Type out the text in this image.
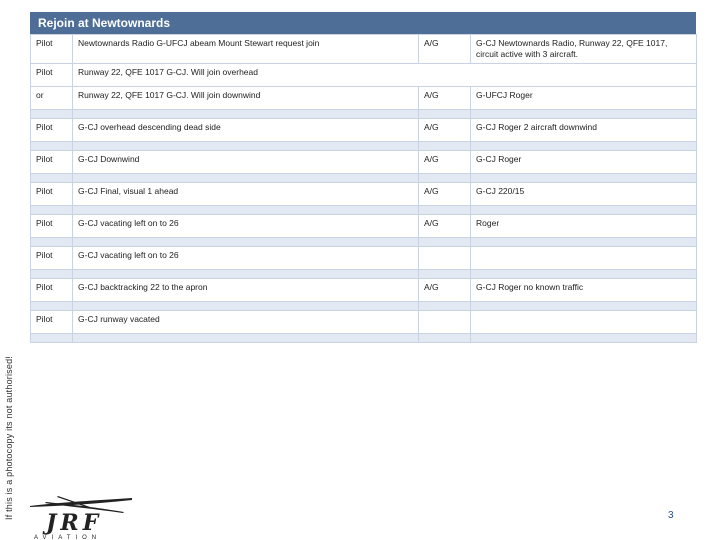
If this is a photocopy its not authorised!
Rejoin at Newtownards
Pilot	Newtownards Radio G-UFCJ abeam Mount Stewart request join	A/G	G-CJ Newtownards Radio, Runway 22, QFE 1017, circuit active with 3 aircraft.
Pilot	Runway 22, QFE 1017 G-CJ. Will join overhead		
or	Runway 22, QFE 1017 G-CJ. Will join downwind	A/G	G-UFCJ Roger

Pilot	G-CJ overhead descending dead side	A/G	G-CJ Roger 2 aircraft downwind

Pilot	G-CJ Downwind	A/G	G-CJ Roger

Pilot	G-CJ Final, visual 1 ahead	A/G	G-CJ 220/15

Pilot	G-CJ vacating left on to 26	A/G	Roger

Pilot	G-CJ vacating left on to 26		

Pilot	G-CJ backtracking 22 to the apron	A/G	G-CJ Roger no known traffic

Pilot	G-CJ runway vacated		

JRF
AVIATION
3
